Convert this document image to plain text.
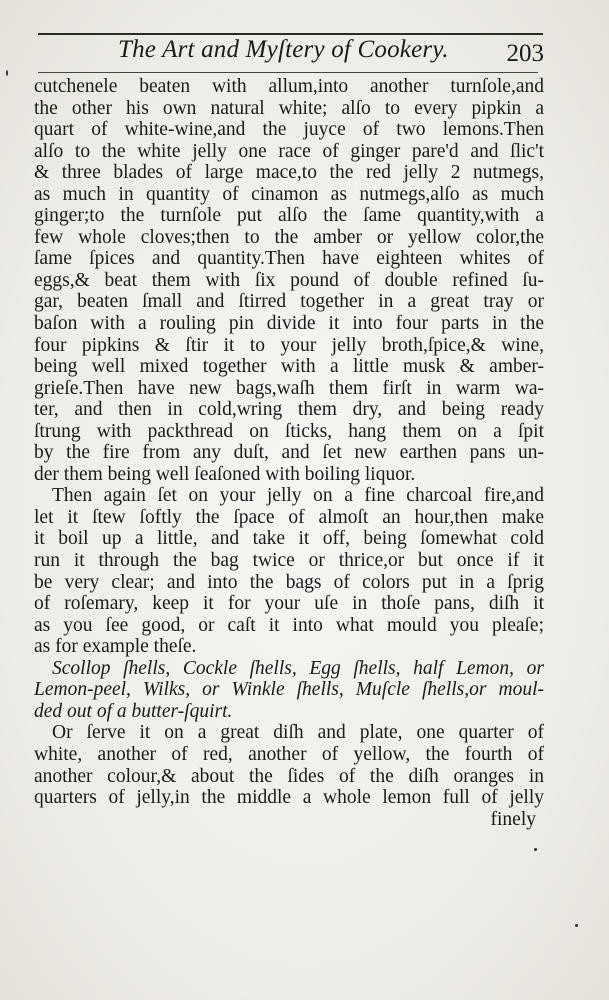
The Art and Myſtery of Cookery. 203
cutchenele beaten with allum,into another turnſole,and
the other his own natural white; alſo to every pipkin a
quart of white-wine,and the juyce of two lemons.Then
alſo to the white jelly one race of ginger pare'd and ſlic't
& three blades of large mace,to the red jelly 2 nutmegs,
as much in quantity of cinamon as nutmegs,alſo as much
ginger;to the turnſole put alſo the ſame quantity,with a
few whole cloves;then to the amber or yellow color,the
ſame ſpices and quantity.Then have eighteen whites of
eggs,& beat them with ſix pound of double refined ſu-
gar, beaten ſmall and ſtirred together in a great tray or
baſon with a rouling pin divide it into four parts in the
four pipkins & ſtir it to your jelly broth,ſpice,& wine,
being well mixed together with a little musk & amber-
grieſe.Then have new bags,waſh them firſt in warm wa-
ter, and then in cold,wring them dry, and being ready
ſtrung with packthread on ſticks, hang them on a ſpit
by the fire from any duſt, and ſet new earthen pans un-
der them being well ſeaſoned with boiling liquor.
Then again ſet on your jelly on a fine charcoal fire,and
let it ſtew ſoftly the ſpace of almoſt an hour,then make
it boil up a little, and take it off, being ſomewhat cold
run it through the bag twice or thrice,or but once if it
be very clear; and into the bags of colors put in a ſprig
of roſemary, keep it for your uſe in thoſe pans, diſh it
as you ſee good, or caſt it into what mould you pleaſe;
as for example theſe.
Scollop ſhells, Cockle ſhells, Egg ſhells, half Lemon, or
Lemon-peel, Wilks, or Winkle ſhells, Muſcle ſhells,or moul-
ded out of a butter-ſquirt.
Or ſerve it on a great diſh and plate, one quarter of
white, another of red, another of yellow, the fourth of
another colour,& about the ſides of the diſh oranges in
quarters of jelly,in the middle a whole lemon full of jelly
finely
